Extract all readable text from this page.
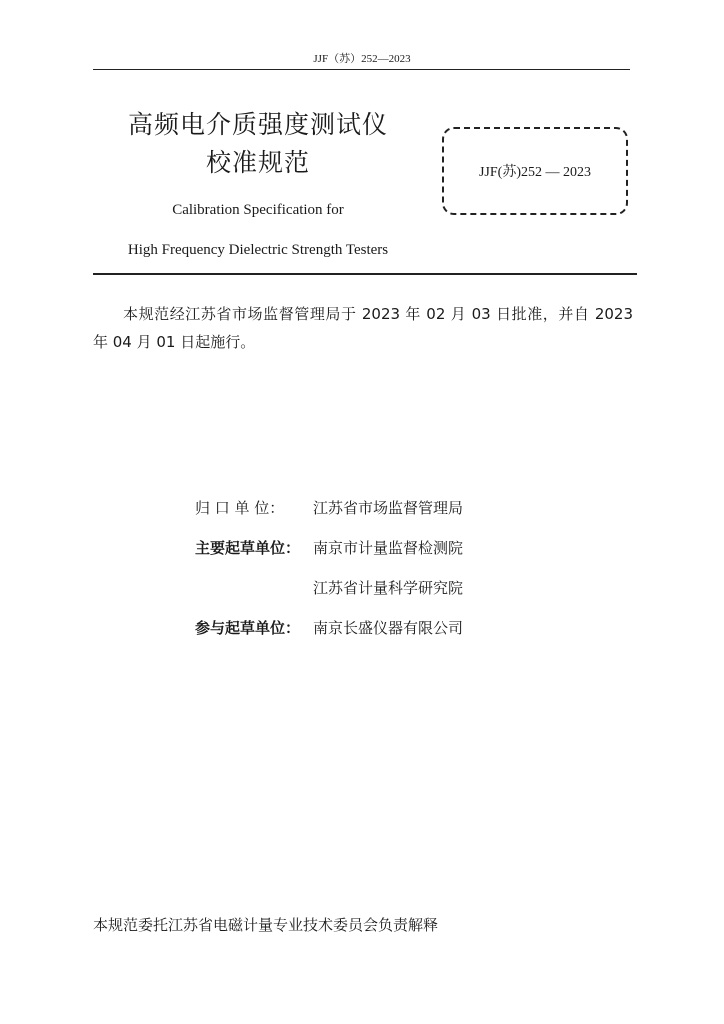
JJF（苏）252—2023
高频电介质强度测试仪
校准规范

Calibration Specification for

High Frequency Dielectric Strength Testers

JJF(苏)252 — 2023

本规范经江苏省市场监督管理局于 2023 年 02 月 03 日批准，并自 2023 年 04 月 01 日起施行。

归 口 单 位：	江苏省市场监督管理局
主要起草单位： 南京市计量监督检测院
江苏省计量科学研究院
参与起草单位： 南京长盛仪器有限公司

本规范委托江苏省电磁计量专业技术委员会负责解释
